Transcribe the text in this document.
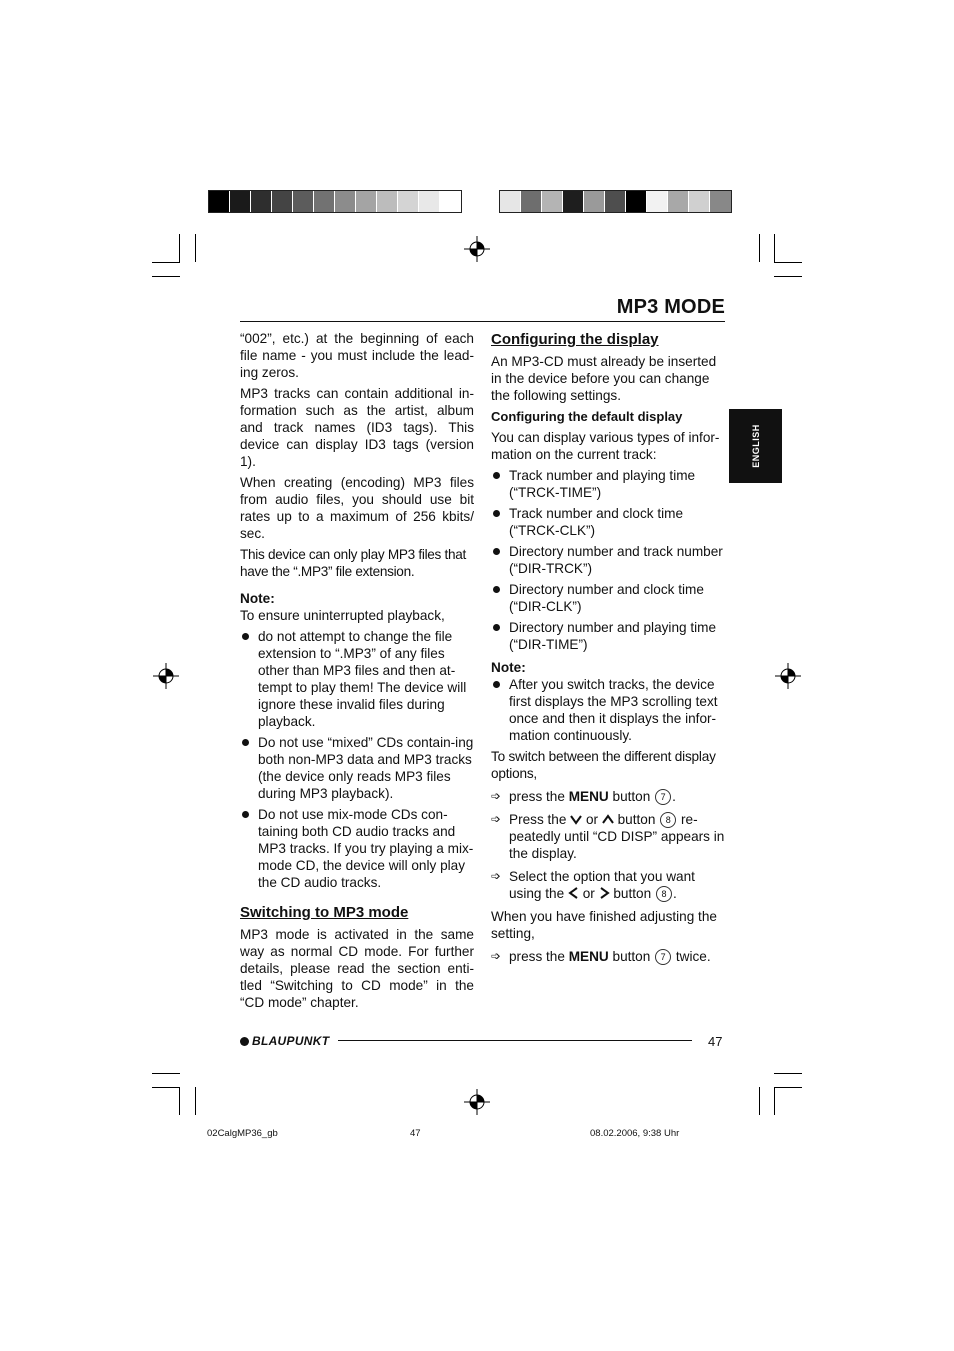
MP3 MODE
ENGLISH

“002”, etc.) at the beginning of each file name - you must include the lead-ing zeros.

MP3 tracks can contain additional in-formation such as the artist, album and track names (ID3 tags). This device can display ID3 tags (version 1).

When creating (encoding) MP3 files from audio files, you should use bit rates up to a maximum of 256 kbits/ sec.

This device can only play MP3 files that have the “.MP3” file extension.

Note:

To ensure uninterrupted playback,

do not attempt to change the file extension to “.MP3” of any files other than MP3 files and then at-tempt to play them! The device will ignore these invalid files during playback.
Do not use “mixed” CDs contain-ing both non-MP3 data and MP3 tracks (the device only reads MP3 files during MP3 playback).
Do not use mix-mode CDs con-taining both CD audio tracks and MP3 tracks. If you try playing a mix-mode CD, the device will only play the CD audio tracks.

Switching to MP3 mode

MP3 mode is activated in the same way as normal CD mode. For further details, please read the section enti-tled “Switching to CD mode” in the “CD mode” chapter.

Configuring the display

An MP3-CD must already be inserted in the device before you can change the following settings.

Configuring the default display

You can display various types of infor-mation on the current track:

Track number and playing time (“TRCK-TIME”)
Track number and clock time (“TRCK-CLK”)
Directory number and track number (“DIR-TRCK”)
Directory number and clock time (“DIR-CLK”)
Directory number and playing time (“DIR-TIME”)

Note:

After you switch tracks, the device first displays the MP3 scrolling text once and then it displays the infor-mation continuously.

To switch between the different display options,

➩ press the MENU button 7 .
➩ Press the  or  button 8 re-peatedly until “CD DISP” appears in the display.
➩ Select the option that you want using the  or  button 8 .

When you have finished adjusting the setting,

➩ press the MENU button 7 twice.
BLAUPUNKT	47
02CalgMP36_gb	47	08.02.2006, 9:38 Uhr
